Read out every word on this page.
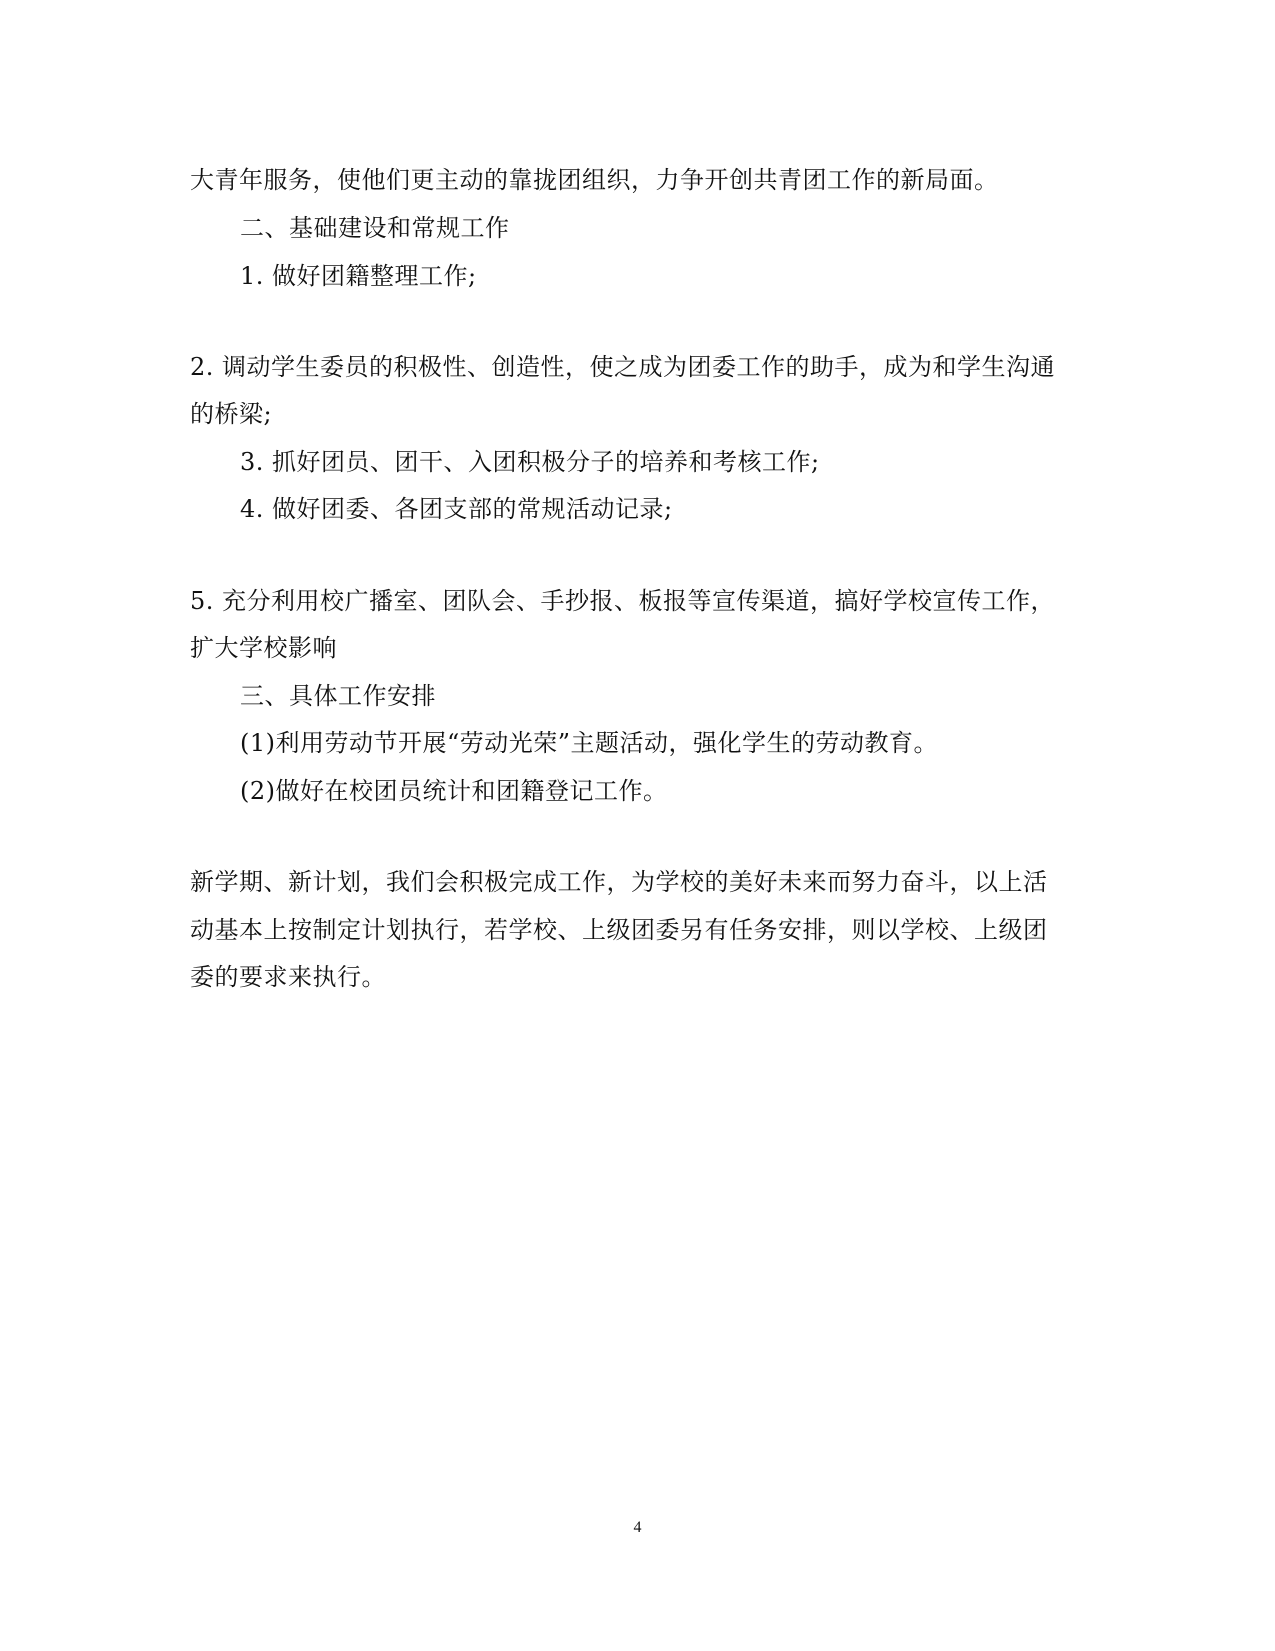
大青年服务，使他们更主动的靠拢团组织，力争开创共青团工作的新局面。
二、基础建设和常规工作
1. 做好团籍整理工作;
2. 调动学生委员的积极性、创造性，使之成为团委工作的助手，成为和学生沟通
的桥梁;
3. 抓好团员、团干、入团积极分子的培养和考核工作;
4. 做好团委、各团支部的常规活动记录;
5. 充分利用校广播室、团队会、手抄报、板报等宣传渠道，搞好学校宣传工作，
扩大学校影响
三、具体工作安排
(1)利用劳动节开展“劳动光荣”主题活动，强化学生的劳动教育。
(2)做好在校团员统计和团籍登记工作。
新学期、新计划，我们会积极完成工作，为学校的美好未来而努力奋斗，以上活
动基本上按制定计划执行，若学校、上级团委另有任务安排，则以学校、上级团
委的要求来执行。
4
